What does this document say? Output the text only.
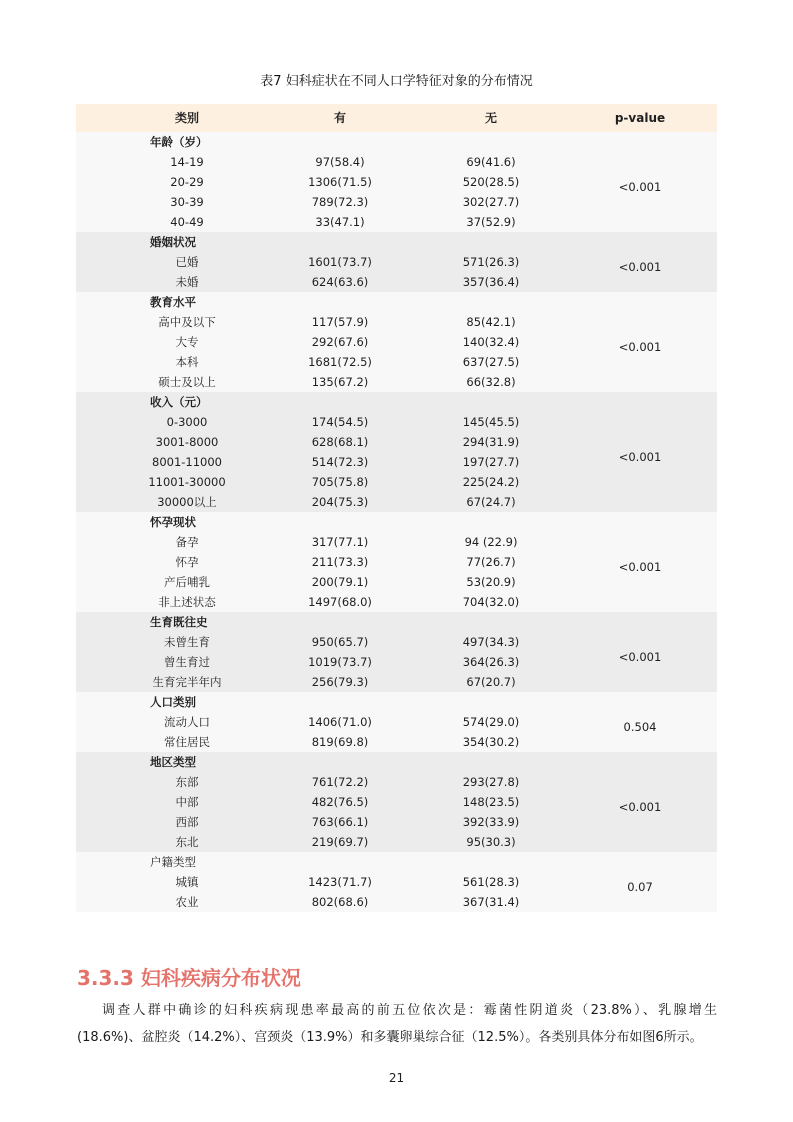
表7 妇科症状在不同人口学特征对象的分布情况
类别	有	无	p-value
年龄（岁）
14-19	97(58.4)	69(41.6)
20-29	1306(71.5)	520(28.5)
30-39	789(72.3)	302(27.7)
40-49	33(47.1)	37(52.9)
<0.001
婚姻状况
已婚	1601(73.7)	571(26.3)
未婚	624(63.6)	357(36.4)
<0.001
教育水平
高中及以下	117(57.9)	85(42.1)
大专	292(67.6)	140(32.4)
本科	1681(72.5)	637(27.5)
硕士及以上	135(67.2)	66(32.8)
<0.001
收入（元）
0-3000	174(54.5)	145(45.5)
3001-8000	628(68.1)	294(31.9)
8001-11000	514(72.3)	197(27.7)
11001-30000	705(75.8)	225(24.2)
30000以上	204(75.3)	67(24.7)
<0.001
怀孕现状
备孕	317(77.1)	94 (22.9)
怀孕	211(73.3)	77(26.7)
产后哺乳	200(79.1)	53(20.9)
非上述状态	1497(68.0)	704(32.0)
<0.001
生育既往史
未曾生育	950(65.7)	497(34.3)
曾生育过	1019(73.7)	364(26.3)
生育完半年内	256(79.3)	67(20.7)
<0.001
人口类别
流动人口	1406(71.0)	574(29.0)
常住居民	819(69.8)	354(30.2)
0.504
地区类型
东部	761(72.2)	293(27.8)
中部	482(76.5)	148(23.5)
西部	763(66.1)	392(33.9)
东北	219(69.7)	95(30.3)
<0.001
户籍类型
城镇	1423(71.7)	561(28.3)
农业	802(68.6)	367(31.4)
0.07
3.3.3 妇科疾病分布状况
调查人群中确诊的妇科疾病现患率最高的前五位依次是：霉菌性阴道炎（23.8%）、乳腺增生
(18.6%)、盆腔炎（14.2%）、宫颈炎（13.9%）和多囊卵巢综合征（12.5%）。各类别具体分布如图6所示。
21
